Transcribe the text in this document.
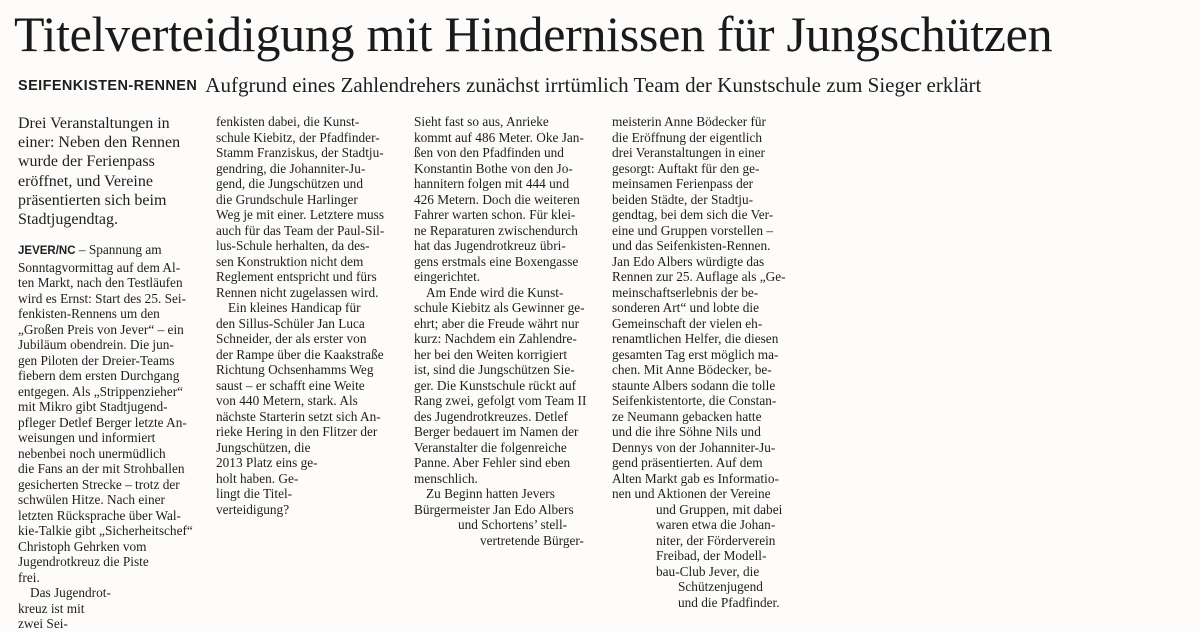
Titelverteidigung mit Hindernissen für Jungschützen
SEIFENKISTEN-RENNEN Aufgrund eines Zahlendrehers zunächst irrtümlich Team der Kunstschule zum Sieger erklärt

Drei Veranstaltungen in

einer: Neben den Rennen

wurde der Ferienpass

eröffnet, und Vereine

präsentierten sich beim

Stadtjugendtag.

JEVER/NC – Spannung am

Sonntagvormittag auf dem Al-

ten Markt, nach den Testläufen

wird es Ernst: Start des 25. Sei-

fenkisten-Rennens um den

„Großen Preis von Jever“ – ein

Jubiläum obendrein. Die jun-

gen Piloten der Dreier-Teams

fiebern dem ersten Durchgang

entgegen. Als „Strippenzieher“

mit Mikro gibt Stadtjugend-

pfleger Detlef Berger letzte An-

weisungen und informiert

nebenbei noch unermüdlich

die Fans an der mit Strohballen

gesicherten Strecke – trotz der

schwülen Hitze. Nach einer

letzten Rücksprache über Wal-

kie-Talkie gibt „Sicherheitschef“

Christoph Gehrken vom

Jugendrotkreuz die Piste

frei.

Das Jugendrot-

kreuz ist mit

zwei Sei-

fenkisten dabei, die Kunst-

schule Kiebitz, der Pfadfinder-

Stamm Franziskus, der Stadtju-

gendring, die Johanniter-Ju-

gend, die Jungschützen und

die Grundschule Harlinger

Weg je mit einer. Letztere muss

auch für das Team der Paul-Sil-

lus-Schule herhalten, da des-

sen Konstruktion nicht dem

Reglement entspricht und fürs

Rennen nicht zugelassen wird.

Ein kleines Handicap für

den Sillus-Schüler Jan Luca

Schneider, der als erster von

der Rampe über die Kaakstraße

Richtung Ochsenhamms Weg

saust – er schafft eine Weite

von 440 Metern, stark. Als

nächste Starterin setzt sich An-

rieke Hering in den Flitzer der

Jungschützen, die

2013 Platz eins ge-

holt haben. Ge-

lingt die Titel-

verteidigung?

Sieht fast so aus, Anrieke

kommt auf 486 Meter. Oke Jan-

ßen von den Pfadfinden und

Konstantin Bothe von den Jo-

hannitern folgen mit 444 und

426 Metern. Doch die weiteren

Fahrer warten schon. Für klei-

ne Reparaturen zwischendurch

hat das Jugendrotkreuz übri-

gens erstmals eine Boxengasse

eingerichtet.

Am Ende wird die Kunst-

schule Kiebitz als Gewinner ge-

ehrt; aber die Freude währt nur

kurz: Nachdem ein Zahlendre-

her bei den Weiten korrigiert

ist, sind die Jungschützen Sie-

ger. Die Kunstschule rückt auf

Rang zwei, gefolgt vom Team II

des Jugendrotkreuzes. Detlef

Berger bedauert im Namen der

Veranstalter die folgenreiche

Panne. Aber Fehler sind eben

menschlich.

Zu Beginn hatten Jevers

Bürgermeister Jan Edo Albers

und Schortens’ stell-

vertretende Bürger-

meisterin Anne Bödecker für

die Eröffnung der eigentlich

drei Veranstaltungen in einer

gesorgt: Auftakt für den ge-

meinsamen Ferienpass der

beiden Städte, der Stadtju-

gendtag, bei dem sich die Ver-

eine und Gruppen vorstellen –

und das Seifenkisten-Rennen.

Jan Edo Albers würdigte das

Rennen zur 25. Auflage als „Ge-

meinschaftserlebnis der be-

sonderen Art“ und lobte die

Gemeinschaft der vielen eh-

renamtlichen Helfer, die diesen

gesamten Tag erst möglich ma-

chen. Mit Anne Bödecker, be-

staunte Albers sodann die tolle

Seifenkistentorte, die Constan-

ze Neumann gebacken hatte

und die ihre Söhne Nils und

Dennys von der Johanniter-Ju-

gend präsentierten. Auf dem

Alten Markt gab es Informatio-

nen und Aktionen der Vereine

und Gruppen, mit dabei

waren etwa die Johan-

niter, der Förderverein

Freibad, der Modell-

bau-Club Jever, die

Schützenjugend

und die Pfadfinder.
